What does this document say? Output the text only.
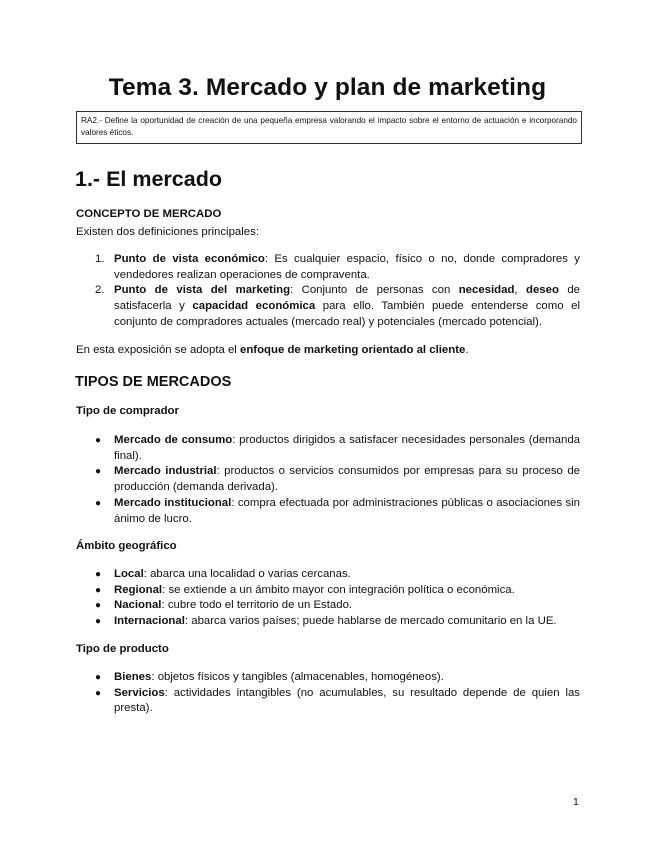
Tema 3. Mercado y plan de marketing
RA2.- Define la oportunidad de creación de una pequeña empresa valorando el impacto sobre el entorno de actuación e incorporando valores éticos.
1.- El mercado
CONCEPTO DE MERCADO
Existen dos definiciones principales:
1. Punto de vista económico: Es cualquier espacio, físico o no, donde compradores y vendedores realizan operaciones de compraventa.
2. Punto de vista del marketing: Conjunto de personas con necesidad, deseo de satisfacerla y capacidad económica para ello. También puede entenderse como el conjunto de compradores actuales (mercado real) y potenciales (mercado potencial).
En esta exposición se adopta el enfoque de marketing orientado al cliente.
TIPOS DE MERCADOS
Tipo de comprador
● Mercado de consumo: productos dirigidos a satisfacer necesidades personales (demanda final).
● Mercado industrial: productos o servicios consumidos por empresas para su proceso de producción (demanda derivada).
● Mercado institucional: compra efectuada por administraciones públicas o asociaciones sin ánimo de lucro.
Ámbito geográfico
● Local: abarca una localidad o varias cercanas.
● Regional: se extiende a un ámbito mayor con integración política o económica.
● Nacional: cubre todo el territorio de un Estado.
● Internacional: abarca varios países; puede hablarse de mercado comunitario en la UE.
Tipo de producto
● Bienes: objetos físicos y tangibles (almacenables, homogéneos).
● Servicios: actividades intangibles (no acumulables, su resultado depende de quien las presta).
1
